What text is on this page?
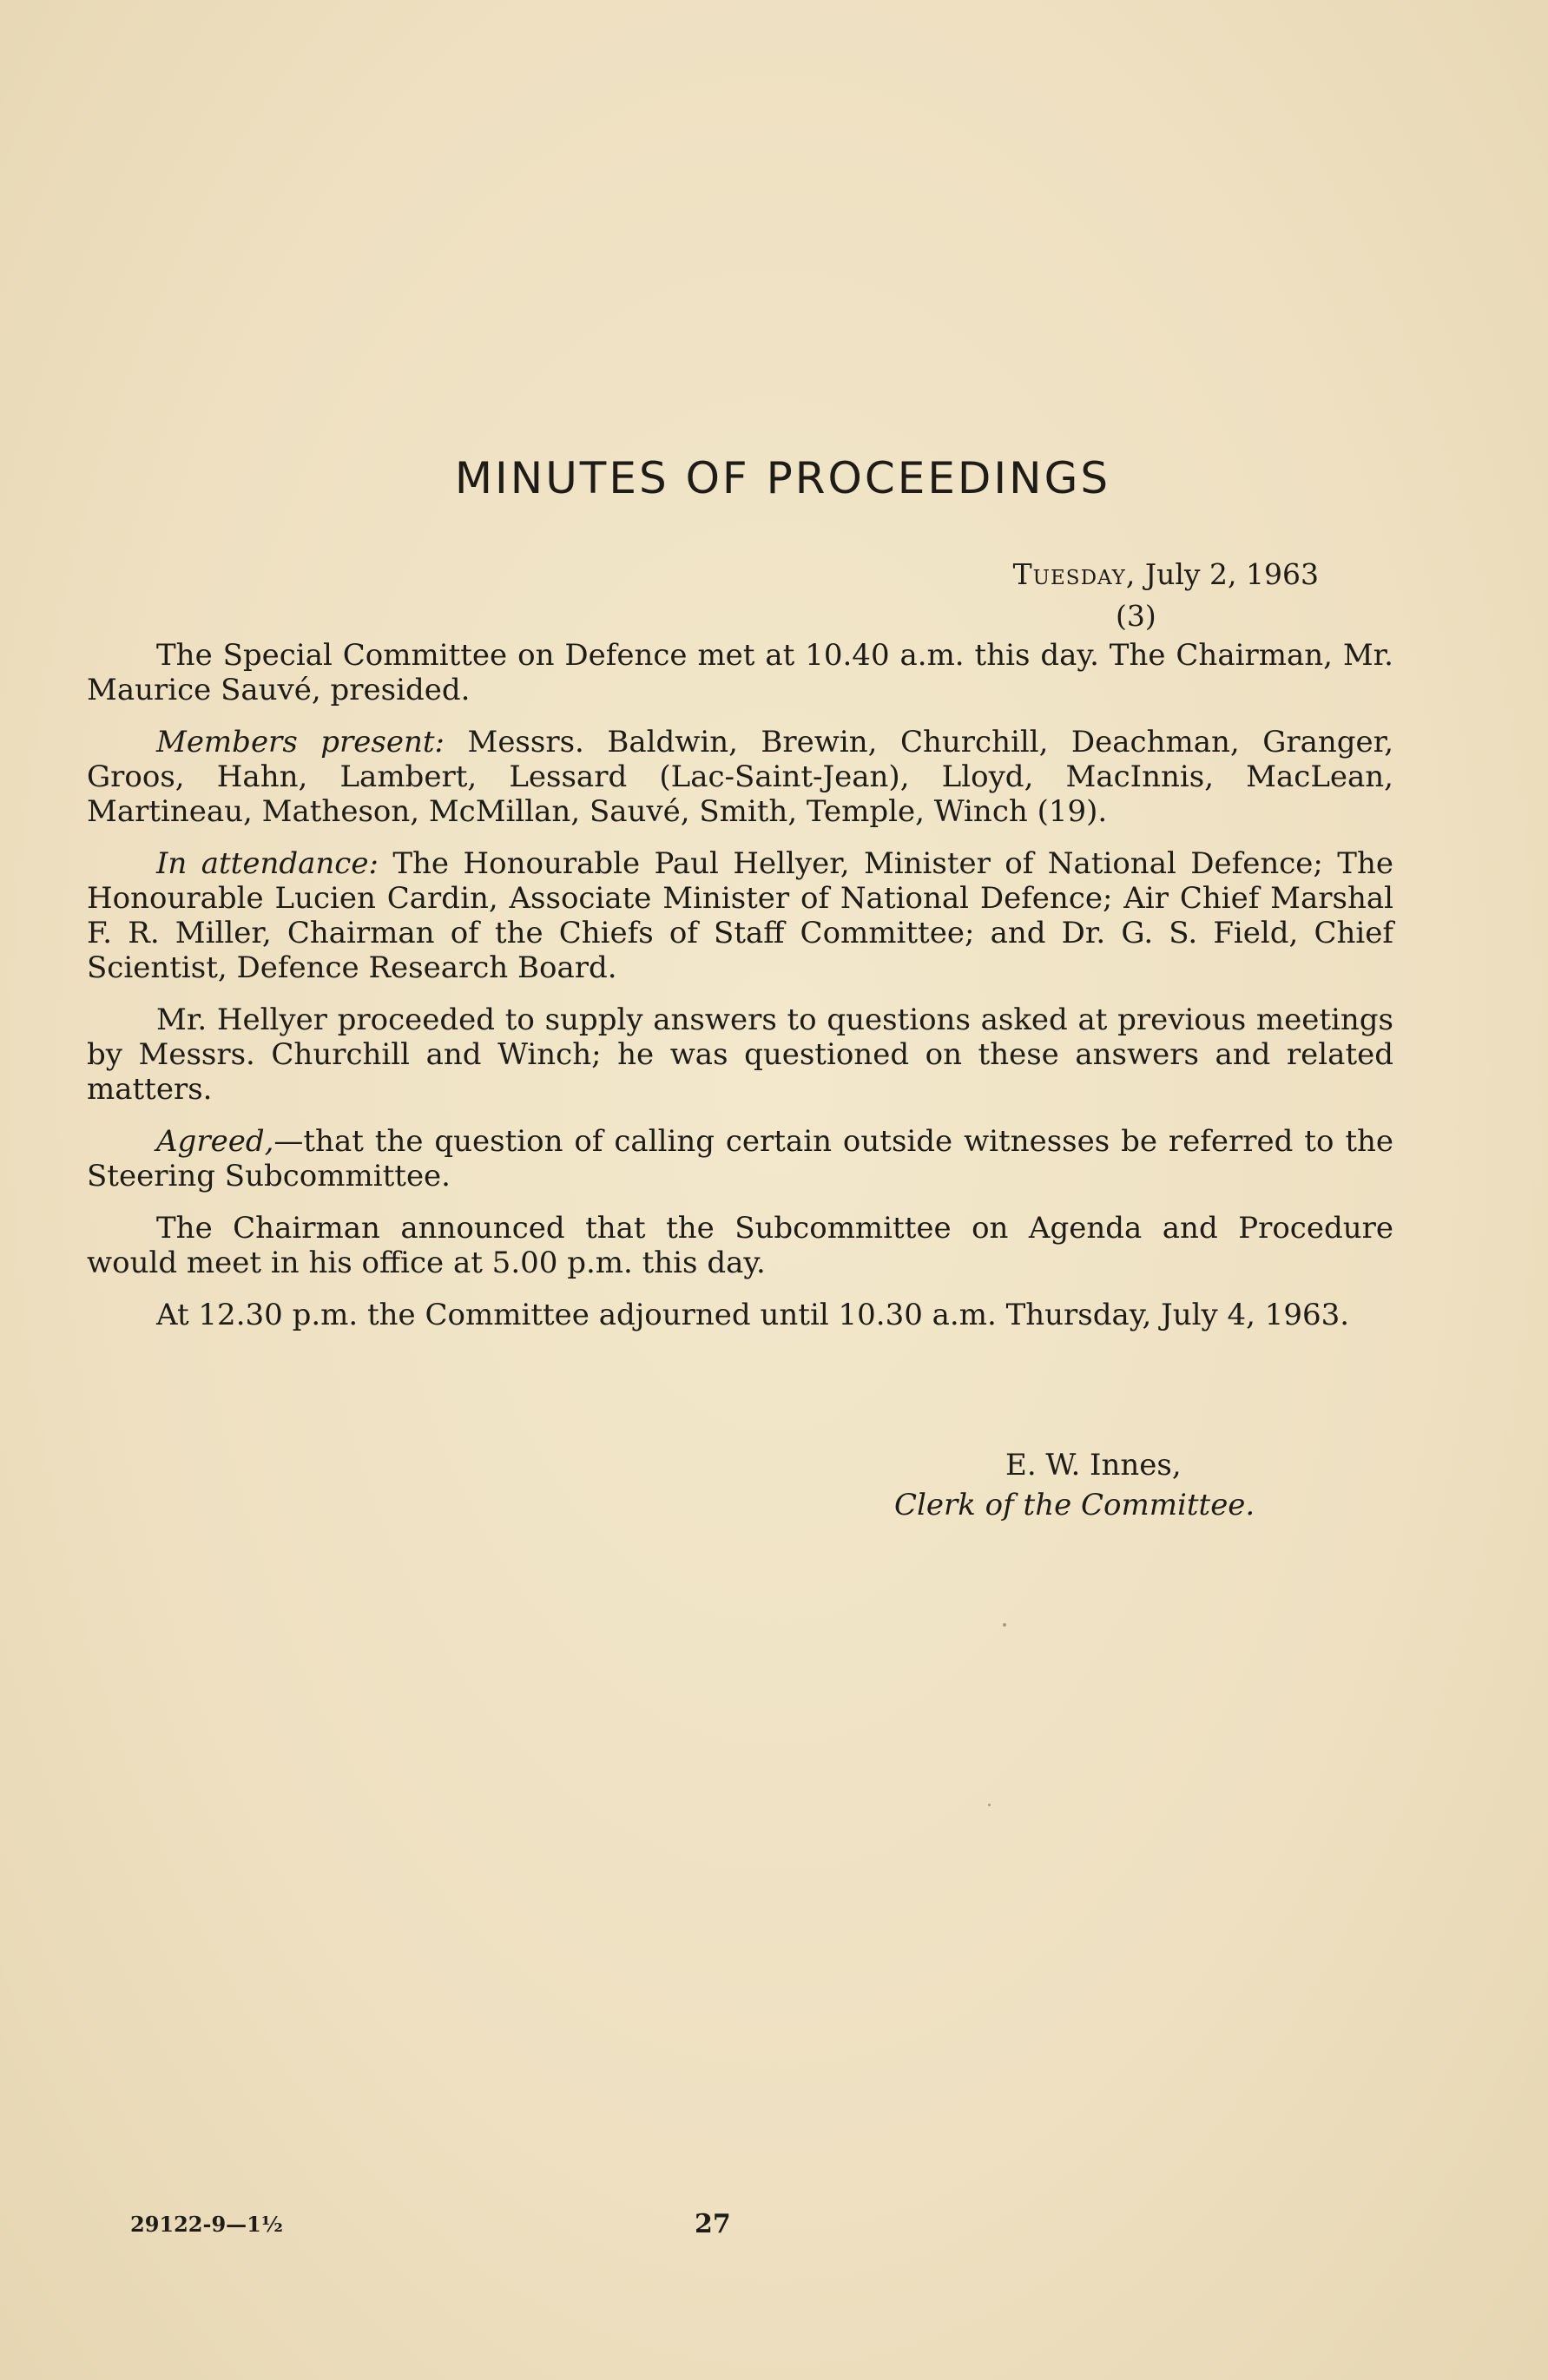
MINUTES OF PROCEEDINGS
Tuesday, July 2, 1963
(3)

The Special Committee on Defence met at 10.40 a.m. this day. The Chairman, Mr. Maurice Sauvé, presided.

Members present: Messrs. Baldwin, Brewin, Churchill, Deachman, Granger, Groos, Hahn, Lambert, Lessard (Lac-Saint-Jean), Lloyd, MacInnis, MacLean, Martineau, Matheson, McMillan, Sauvé, Smith, Temple, Winch (19).

In attendance: The Honourable Paul Hellyer, Minister of National Defence; The Honourable Lucien Cardin, Associate Minister of National Defence; Air Chief Marshal F. R. Miller, Chairman of the Chiefs of Staff Committee; and Dr. G. S. Field, Chief Scientist, Defence Research Board.

Mr. Hellyer proceeded to supply answers to questions asked at previous meetings by Messrs. Churchill and Winch; he was questioned on these answers and related matters.

Agreed,—that the question of calling certain outside witnesses be referred to the Steering Subcommittee.

The Chairman announced that the Subcommittee on Agenda and Procedure would meet in his office at 5.00 p.m. this day.

At 12.30 p.m. the Committee adjourned until 10.30 a.m. Thursday, July 4, 1963.

E. W. Innes,
Clerk of the Committee.
29122-9—1½	27
